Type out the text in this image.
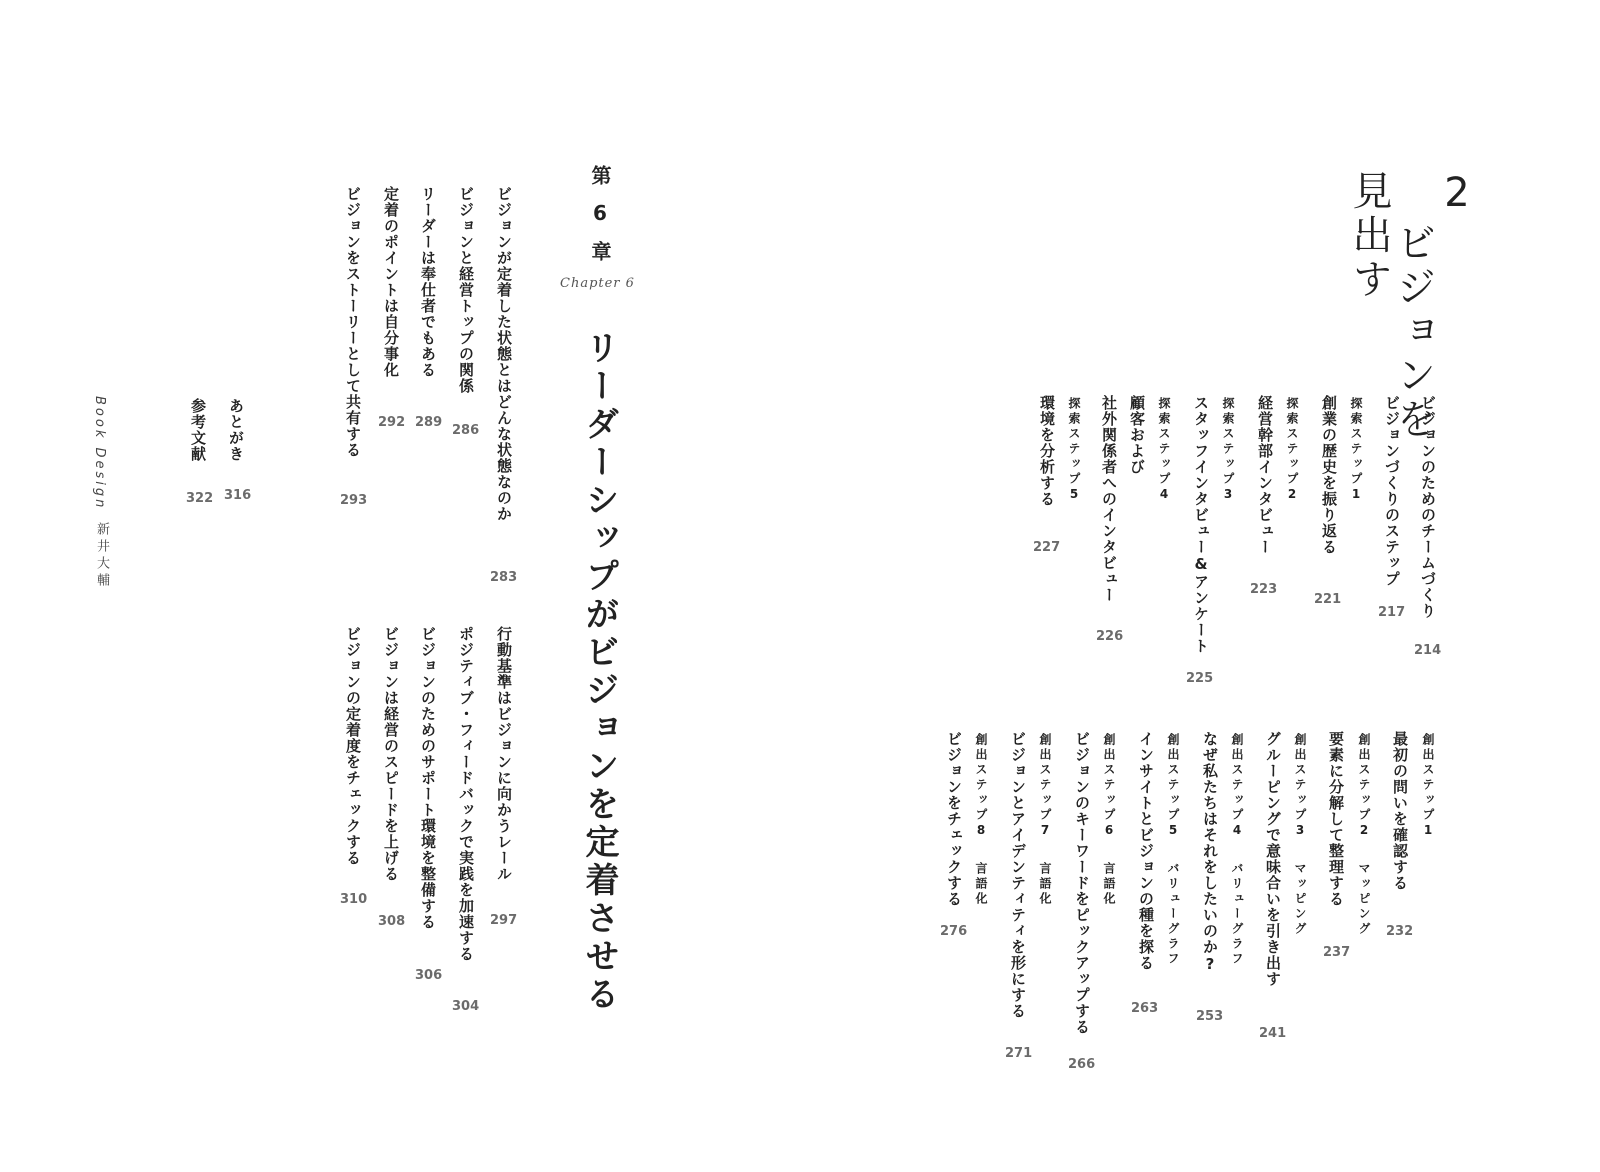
2
ビジョンを
見出す
ビジョンのためのチームづくり
214
ビジョンづくりのステップ
217
探索ステップ1
創業の歴史を振り返る
221
探索ステップ2
経営幹部インタビュー
223
探索ステップ3
スタッフインタビュー&アンケート
225
探索ステップ4
顧客および
社外関係者へのインタビュー
226
探索ステップ5
環境を分析する
227
創出ステップ1
最初の問いを確認する
232
創出ステップ2
マッピング
要素に分解して整理する
237
創出ステップ3
マッピング
グルーピングで意味合いを引き出す
241
創出ステップ4
バリューグラフ
なぜ私たちはそれをしたいのか?
253
創出ステップ5
バリューグラフ
インサイトとビジョンの種を探る
263
創出ステップ6
言語化
ビジョンのキーワードをピックアップする
266
創出ステップ7
言語化
ビジョンとアイデンティティを形にする
271
創出ステップ8
言語化
ビジョンをチェックする
276
第6章
Chapter 6
リーダーシップがビジョンを定着させる
ビジョンが定着した状態とはどんな状態なのか
283
ビジョンと経営トップの関係
286
リーダーは奉仕者でもある
289
定着のポイントは自分事化
292
ビジョンをストーリーとして共有する
293
行動基準はビジョンに向かうレール
297
ポジティブ・フィードバックで実践を加速する
304
ビジョンのためのサポート環境を整備する
306
ビジョンは経営のスピードを上げる
308
ビジョンの定着度をチェックする
310
あとがき
316
参考文献
322
Book Design
新井大輔
